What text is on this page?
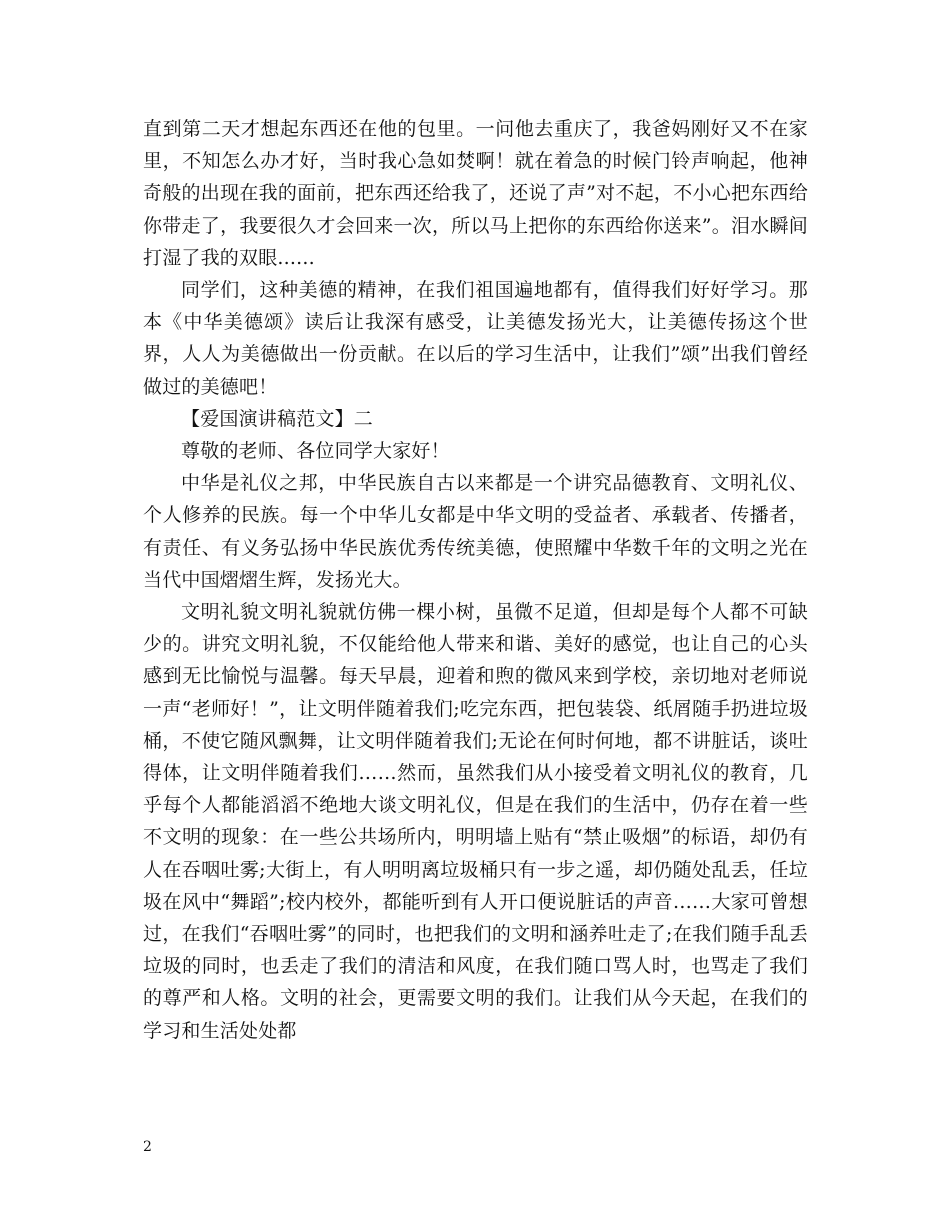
直到第二天才想起东西还在他的包里。一问他去重庆了，我爸妈刚好又不在家里，不知怎么办才好，当时我心急如焚啊！就在着急的时候门铃声响起，他神奇般的出现在我的面前，把东西还给我了，还说了声”对不起，不小心把东西给你带走了，我要很久才会回来一次，所以马上把你的东西给你送来”。泪水瞬间打湿了我的双眼......

同学们，这种美德的精神，在我们祖国遍地都有，值得我们好好学习。那本《中华美德颂》读后让我深有感受，让美德发扬光大，让美德传扬这个世界，人人为美德做出一份贡献。在以后的学习生活中，让我们”颂”出我们曾经做过的美德吧！

【爱国演讲稿范文】二

尊敬的老师、各位同学大家好！

中华是礼仪之邦，中华民族自古以来都是一个讲究品德教育、文明礼仪、个人修养的民族。每一个中华儿女都是中华文明的受益者、承载者、传播者，有责任、有义务弘扬中华民族优秀传统美德，使照耀中华数千年的文明之光在当代中国熠熠生辉，发扬光大。

文明礼貌文明礼貌就仿佛一棵小树，虽微不足道，但却是每个人都不可缺少的。讲究文明礼貌，不仅能给他人带来和谐、美好的感觉，也让自己的心头感到无比愉悦与温馨。每天早晨，迎着和煦的微风来到学校，亲切地对老师说一声“老师好！”，让文明伴随着我们;吃完东西，把包装袋、纸屑随手扔进垃圾桶，不使它随风飘舞，让文明伴随着我们;无论在何时何地，都不讲脏话，谈吐得体，让文明伴随着我们……然而，虽然我们从小接受着文明礼仪的教育，几乎每个人都能滔滔不绝地大谈文明礼仪，但是在我们的生活中，仍存在着一些不文明的现象：在一些公共场所内，明明墙上贴有“禁止吸烟”的标语，却仍有人在吞咽吐雾;大街上，有人明明离垃圾桶只有一步之遥，却仍随处乱丢，任垃圾在风中“舞蹈”;校内校外，都能听到有人开口便说脏话的声音……大家可曾想过，在我们“吞咽吐雾”的同时，也把我们的文明和涵养吐走了;在我们随手乱丢垃圾的同时，也丢走了我们的清洁和风度，在我们随口骂人时，也骂走了我们的尊严和人格。文明的社会，更需要文明的我们。让我们从今天起，在我们的学习和生活处处都

2
